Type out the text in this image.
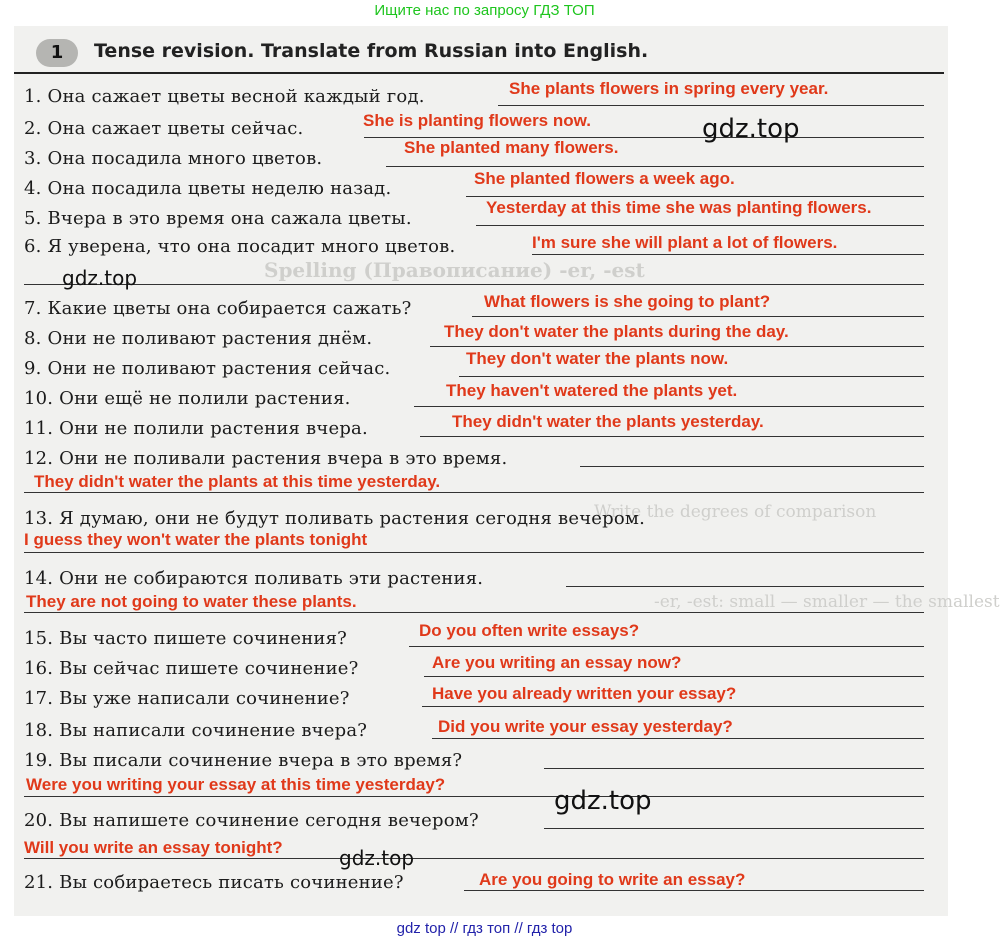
Ищите нас по запросу ГДЗ ТОП
Spelling (Правописание) -er, -est
Write the degrees of comparison
-er, -est: small — smaller — the smallest
1	Tense revision. Translate from Russian into English.
1. Она сажает цветы весной каждый год.	She plants flowers in spring every year.
2. Она сажает цветы сейчас.	She is planting flowers now.
3. Она посадила много цветов.
She planted many flowers.
4. Она посадила цветы неделю назад.	She planted flowers a week ago.
5. Вчера в это время она сажала цветы.
Yesterday at this time she was planting flowers.
6. Я уверена, что она посадит много цветов.	I'm sure she will plant a lot of flowers.
7. Какие цветы она собирается сажать?	What flowers is she going to plant?
8. Они не поливают растения днём.	They don't water the plants during the day.
9. Они не поливают растения сейчас.	They don't water the plants now.
10. Они ещё не полили растения.	They haven't watered the plants yet.
11. Они не полили растения вчера.	They didn't water the plants yesterday.
12. Они не поливали растения вчера в это время.
They didn't water the plants at this time yesterday.
13. Я думаю, они не будут поливать растения сегодня вечером.
I guess they won't water the plants tonight
14. Они не собираются поливать эти растения.
They are not going to water these plants.
15. Вы часто пишете сочинения?	Do you often write essays?
16. Вы сейчас пишете сочинение?	Are you writing an essay now?
17. Вы уже написали сочинение?	Have you already written your essay?
18. Вы написали сочинение вчера?	Did you write your essay yesterday?
19. Вы писали сочинение вчера в это время?
Were you writing your essay at this time yesterday?
20. Вы напишете сочинение сегодня вечером?
Will you write an essay tonight?
21. Вы собираетесь писать сочинение?	Are you going to write an essay?
gdz.top
gdz.top
gdz.top
gdz.top
gdz top // гдз топ // гдз top
